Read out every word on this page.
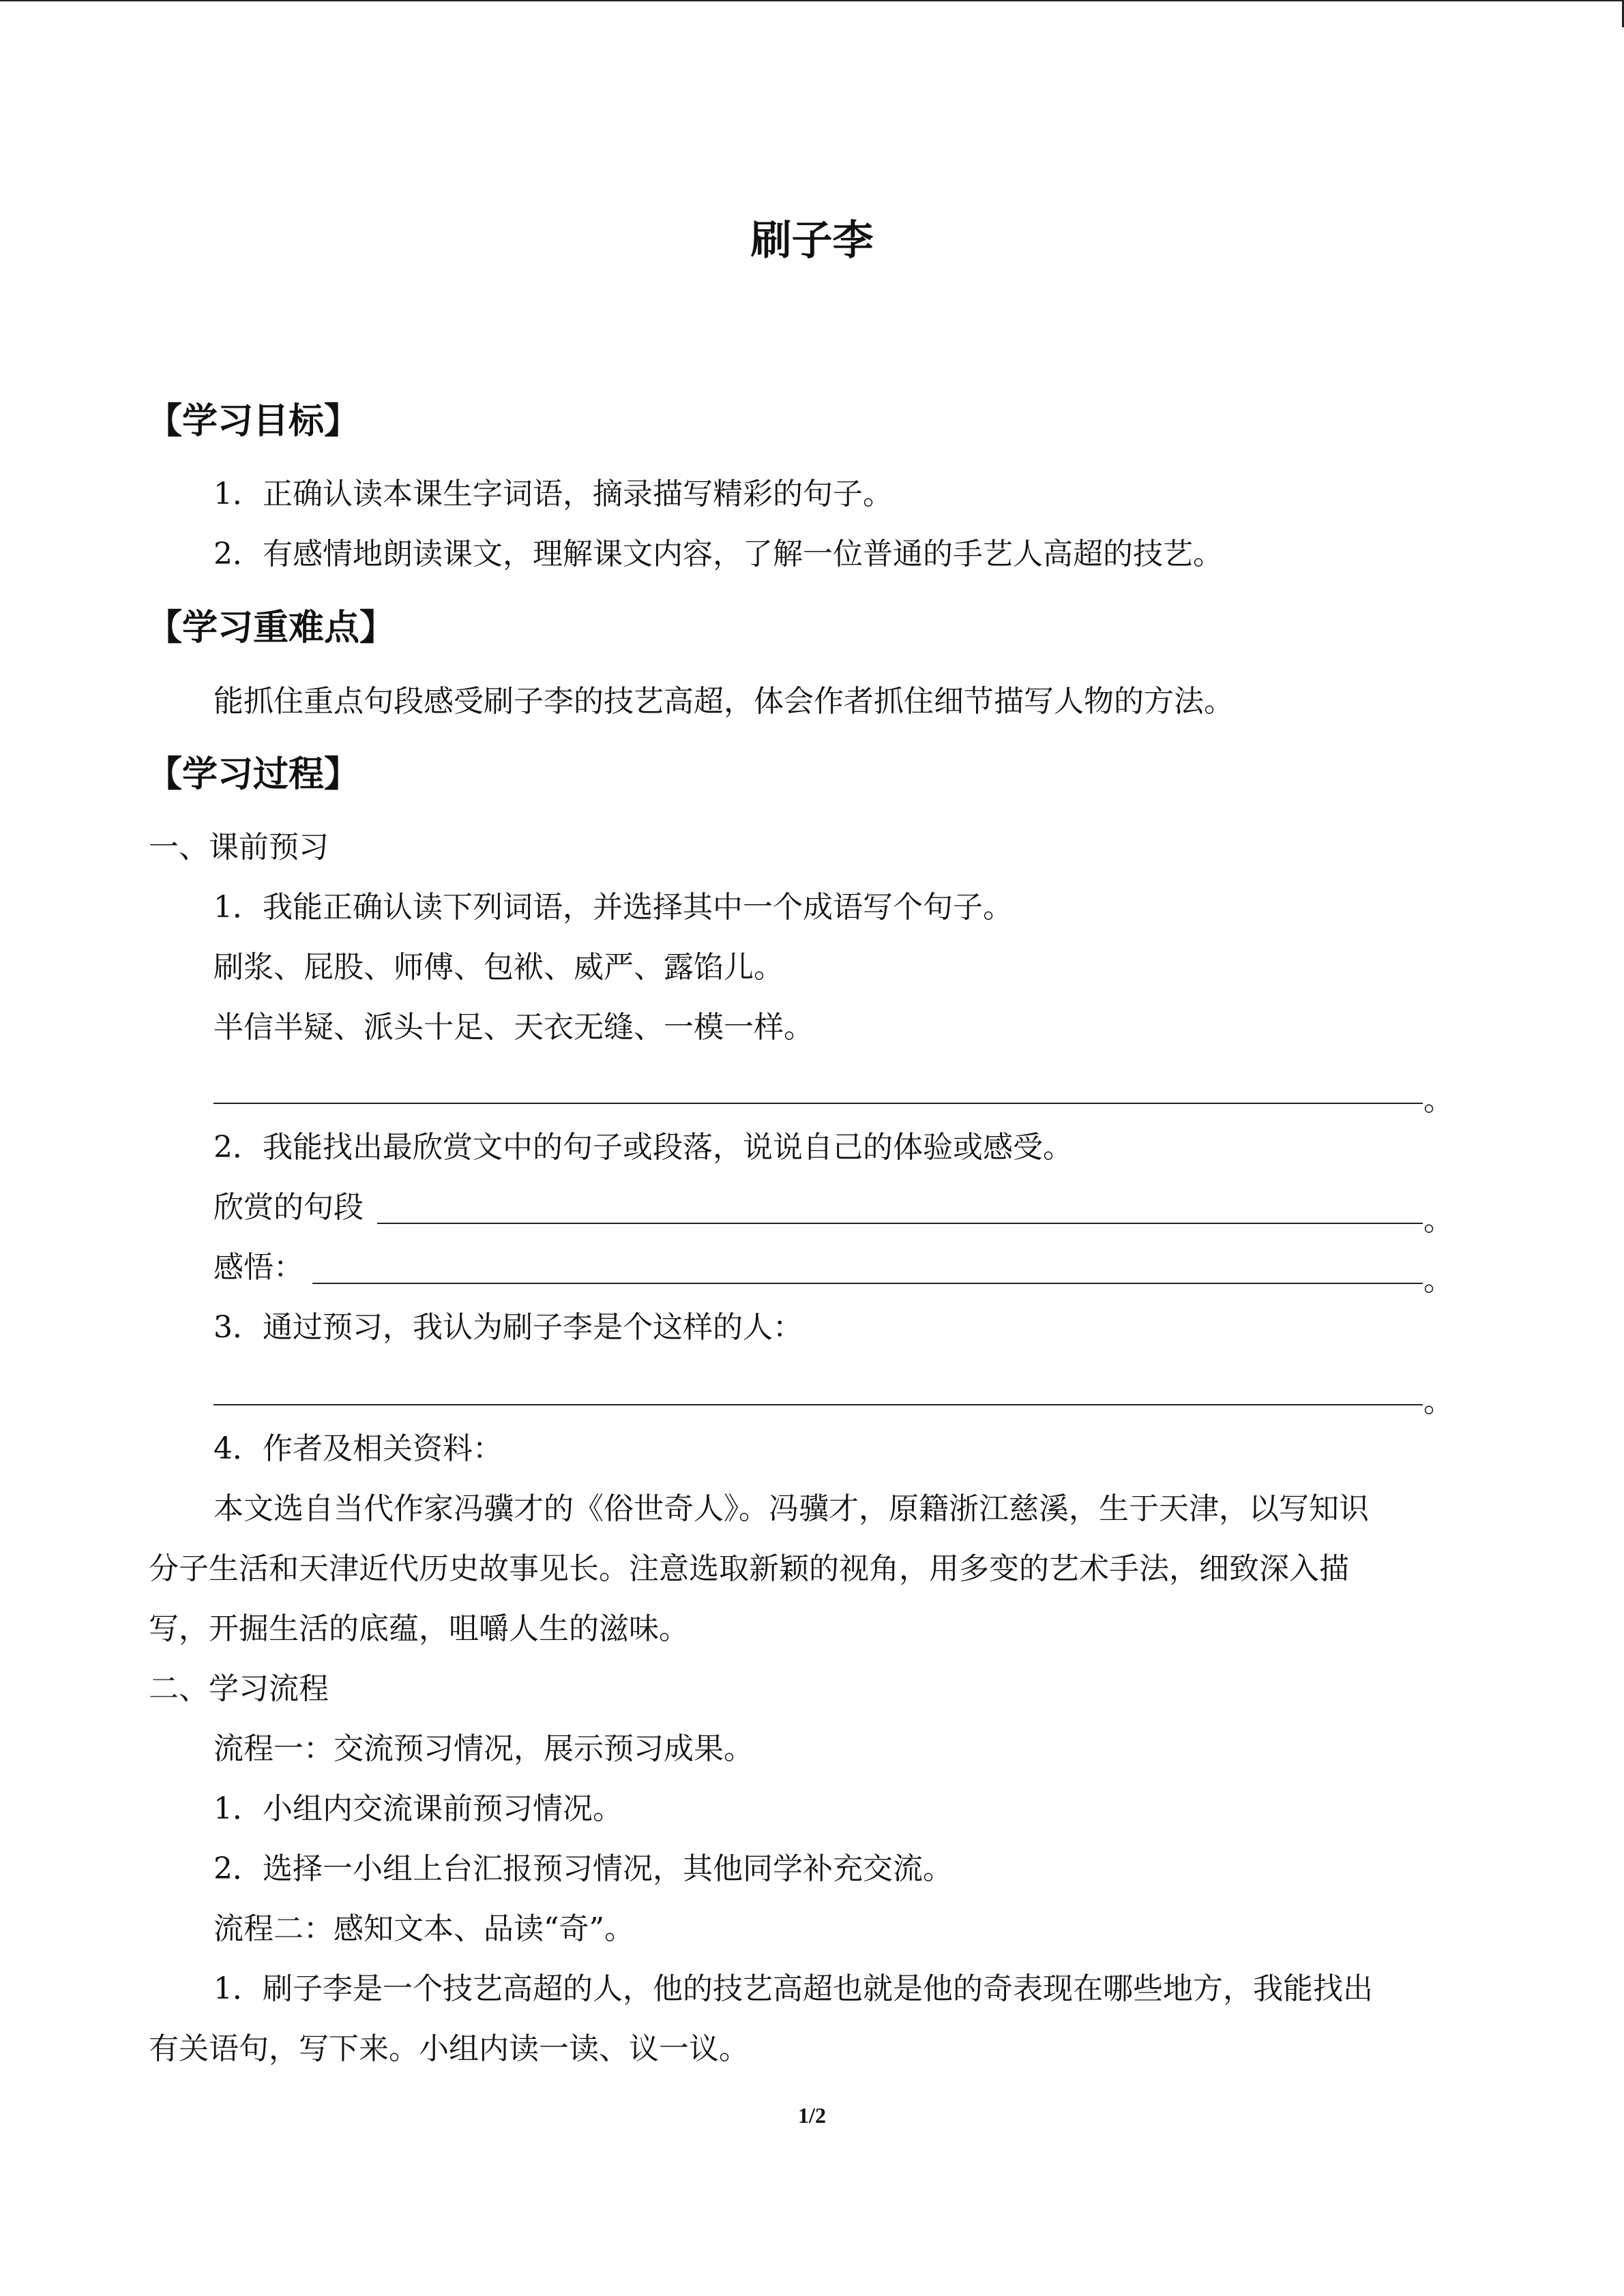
刷子李
【学习目标】
1．正确认读本课生字词语，摘录描写精彩的句子。
2．有感情地朗读课文，理解课文内容，了解一位普通的手艺人高超的技艺。
【学习重难点】
能抓住重点句段感受刷子李的技艺高超，体会作者抓住细节描写人物的方法。
【学习过程】
一、课前预习
1．我能正确认读下列词语，并选择其中一个成语写个句子。
刷浆、屁股、师傅、包袱、威严、露馅儿。
半信半疑、派头十足、天衣无缝、一模一样。
。
2．我能找出最欣赏文中的句子或段落，说说自己的体验或感受。
欣赏的句段	。
感悟：	。
3．通过预习，我认为刷子李是个这样的人：
。
4．作者及相关资料：
本文选自当代作家冯骥才的《俗世奇人》。冯骥才，原籍浙江慈溪，生于天津，以写知识
分子生活和天津近代历史故事见长。注意选取新颖的视角，用多变的艺术手法，细致深入描
写，开掘生活的底蕴，咀嚼人生的滋味。
二、学习流程
流程一：交流预习情况，展示预习成果。
1．小组内交流课前预习情况。
2．选择一小组上台汇报预习情况，其他同学补充交流。
流程二：感知文本、品读“奇”。
1．刷子李是一个技艺高超的人，他的技艺高超也就是他的奇表现在哪些地方，我能找出
有关语句，写下来。小组内读一读、议一议。
1/2
